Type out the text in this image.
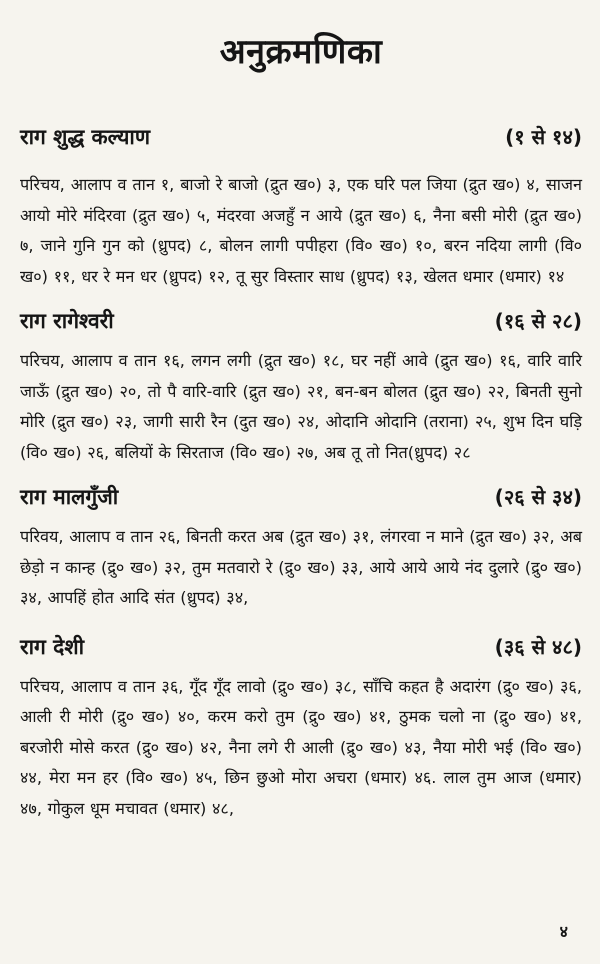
अनुक्रमणिका
राग शुद्ध कल्याण	(१ से १४)

परिचय, आलाप व तान १, बाजो रे बाजो (द्रुत ख०) ३, एक घरि पल जिया (द्रुत ख०) ४, साजन आयो मोरे मंदिरवा (द्रुत ख०) ५, मंदरवा अजहुँ न आये (द्रुत ख०) ६, नैना बसी मोरी (द्रुत ख०) ७, जाने गुनि गुन को (ध्रुपद) ८, बोलन लागी पपीहरा (वि० ख०) १०, बरन नदिया लागी (वि० ख०) ११, धर रे मन धर (ध्रुपद) १२, तू सुर विस्तार साध (ध्रुपद) १३, खेलत धमार (धमार) १४

राग रागेश्वरी	(१६ से २८)

परिचय, आलाप व तान १६, लगन लगी (द्रुत ख०) १८, घर नहीं आवे (द्रुत ख०) १६, वारि वारि जाऊँ (द्रुत ख०) २०, तो पै वारि-वारि (द्रुत ख०) २१, बन-बन बोलत (द्रुत ख०) २२, बिनती सुनो मोरि (द्रुत ख०) २३, जागी सारी रैन (दुत ख०) २४, ओदानि ओदानि (तराना) २५, शुभ दिन घड़ि (वि० ख०) २६, बलियों के सिरताज (वि० ख०) २७, अब तू तो नित(ध्रुपद) २८

राग मालगुँजी	(२६ से ३४)

परिवय, आलाप व तान २६, बिनती करत अब (द्रुत ख०) ३१, लंगरवा न माने (द्रुत ख०) ३२, अब छेड़ो न कान्ह (द्रु० ख०) ३२, तुम मतवारो रे (द्रु० ख०) ३३, आये आये आये नंद दुलारे (द्रु० ख०) ३४, आपहिं होत आदि संत (ध्रुपद) ३४,

राग देशी	(३६ से ४८)

परिचय, आलाप व तान ३६, गूँद गूँद लावो (द्रु० ख०) ३८, साँचि कहत है अदारंग (द्रु० ख०) ३६, आली री मोरी (द्रु० ख०) ४०, करम करो तुम (द्रु० ख०) ४१, ठुमक चलो ना (द्रु० ख०) ४१, बरजोरी मोसे करत (द्रु० ख०) ४२, नैना लगे री आली (द्रु० ख०) ४३, नैया मोरी भई (वि० ख०) ४४, मेरा मन हर (वि० ख०) ४५, छिन छुओ मोरा अचरा (धमार) ४६. लाल तुम आज (धमार) ४७, गोकुल धूम मचावत (धमार) ४८,

४
